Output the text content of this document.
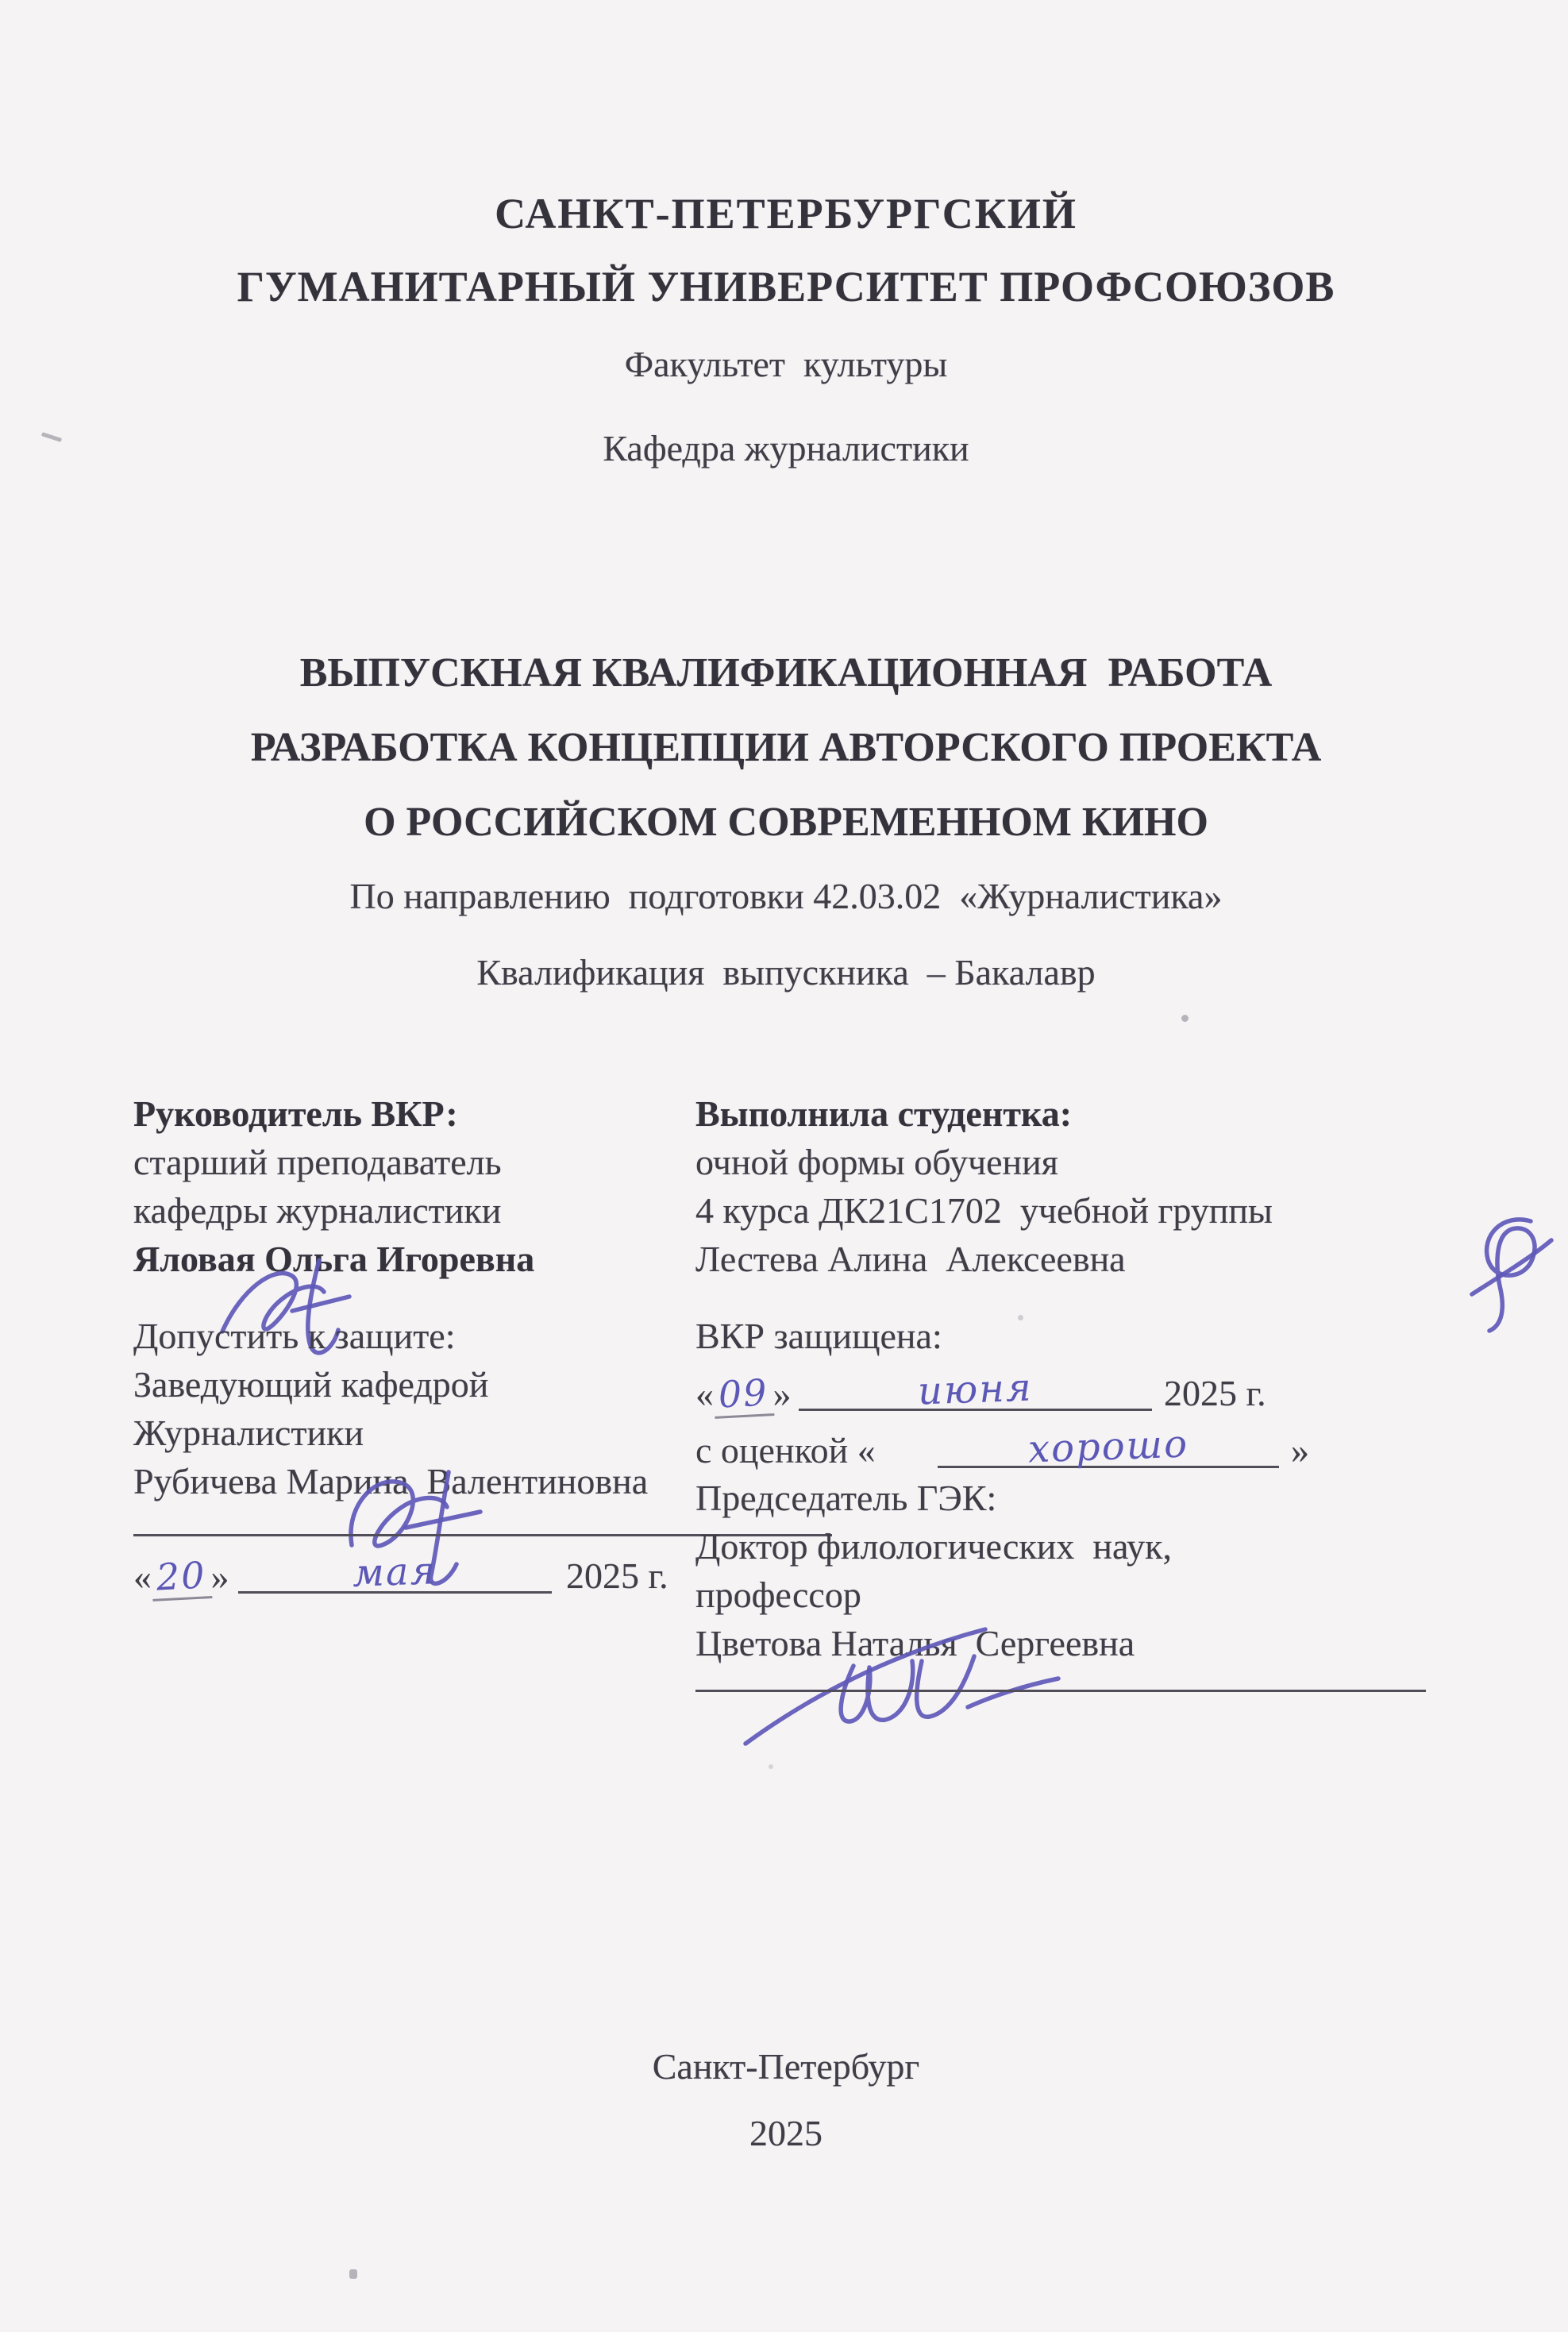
САНКТ-ПЕТЕРБУРГСКИЙ
ГУМАНИТАРНЫЙ УНИВЕРСИТЕТ ПРОФСОЮЗОВ
Факультет  культуры
Кафедра журналистики
ВЫПУСКНАЯ КВАЛИФИКАЦИОННАЯ  РАБОТА
РАЗРАБОТКА КОНЦЕПЦИИ АВТОРСКОГО ПРОЕКТА
О РОССИЙСКОМ СОВРЕМЕННОМ КИНО
По направлению  подготовки 42.03.02  «Журналистика»
Квалификация  выпускника  – Бакалавр
Руководитель ВКР:
старший преподаватель
кафедры журналистики
Яловая Ольга Игоревна
Выполнила студентка:
очной формы обучения
4 курса ДК21С1702  учебной группы
Лестева Алина  Алексеевна
Допустить к защите:
Заведующий кафедрой
Журналистики
Рубичева Марина  Валентиновна
«20 »	мая	2025 г.
ВКР защищена:
«09 »	июня	2025 г.
с оценкой «	хорошо	»
Председатель ГЭК:
Доктор филологических  наук,
профессор
Цветова Наталья  Сергеевна
Санкт-Петербург
2025
